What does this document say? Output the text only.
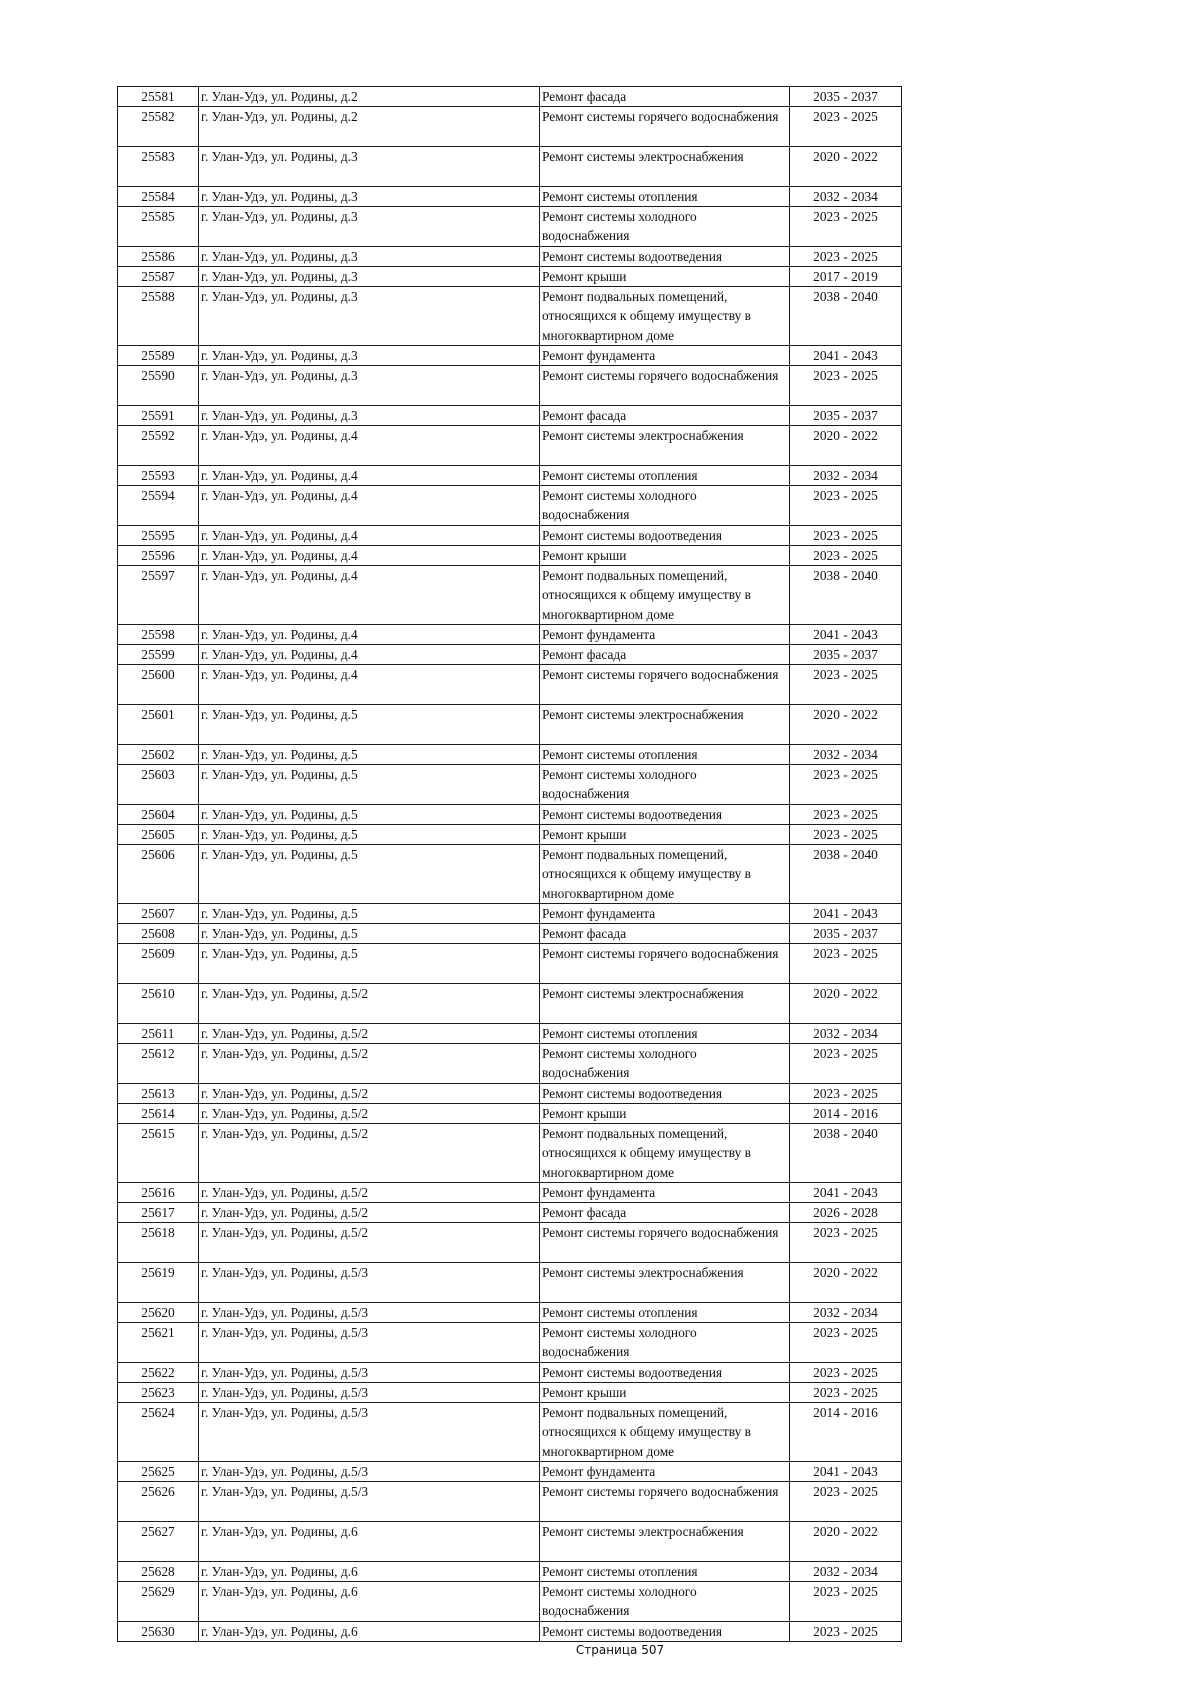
25581	г. Улан-Удэ, ул. Родины, д.2	Ремонт фасада	2035 - 2037

25582	г. Улан-Удэ, ул. Родины, д.2	Ремонт системы горячего водоснабжения	2023 - 2025

25583	г. Улан-Удэ, ул. Родины, д.3	Ремонт системы электроснабжения	2020 - 2022

25584	г. Улан-Удэ, ул. Родины, д.3	Ремонт системы отопления	2032 - 2034

25585	г. Улан-Удэ, ул. Родины, д.3	Ремонт системы холодного водоснабжения	2023 - 2025

25586	г. Улан-Удэ, ул. Родины, д.3	Ремонт системы водоотведения	2023 - 2025

25587	г. Улан-Удэ, ул. Родины, д.3	Ремонт крыши	2017 - 2019

25588	г. Улан-Удэ, ул. Родины, д.3	Ремонт подвальных помещений, относящихся к общему имуществу в многоквартирном доме	2038 - 2040

25589	г. Улан-Удэ, ул. Родины, д.3	Ремонт фундамента	2041 - 2043

25590	г. Улан-Удэ, ул. Родины, д.3	Ремонт системы горячего водоснабжения	2023 - 2025

25591	г. Улан-Удэ, ул. Родины, д.3	Ремонт фасада	2035 - 2037

25592	г. Улан-Удэ, ул. Родины, д.4	Ремонт системы электроснабжения	2020 - 2022

25593	г. Улан-Удэ, ул. Родины, д.4	Ремонт системы отопления	2032 - 2034

25594	г. Улан-Удэ, ул. Родины, д.4	Ремонт системы холодного водоснабжения	2023 - 2025

25595	г. Улан-Удэ, ул. Родины, д.4	Ремонт системы водоотведения	2023 - 2025

25596	г. Улан-Удэ, ул. Родины, д.4	Ремонт крыши	2023 - 2025

25597	г. Улан-Удэ, ул. Родины, д.4	Ремонт подвальных помещений, относящихся к общему имуществу в многоквартирном доме	2038 - 2040

25598	г. Улан-Удэ, ул. Родины, д.4	Ремонт фундамента	2041 - 2043

25599	г. Улан-Удэ, ул. Родины, д.4	Ремонт фасада	2035 - 2037

25600	г. Улан-Удэ, ул. Родины, д.4	Ремонт системы горячего водоснабжения	2023 - 2025

25601	г. Улан-Удэ, ул. Родины, д.5	Ремонт системы электроснабжения	2020 - 2022

25602	г. Улан-Удэ, ул. Родины, д.5	Ремонт системы отопления	2032 - 2034

25603	г. Улан-Удэ, ул. Родины, д.5	Ремонт системы холодного водоснабжения	2023 - 2025

25604	г. Улан-Удэ, ул. Родины, д.5	Ремонт системы водоотведения	2023 - 2025

25605	г. Улан-Удэ, ул. Родины, д.5	Ремонт крыши	2023 - 2025

25606	г. Улан-Удэ, ул. Родины, д.5	Ремонт подвальных помещений, относящихся к общему имуществу в многоквартирном доме	2038 - 2040

25607	г. Улан-Удэ, ул. Родины, д.5	Ремонт фундамента	2041 - 2043

25608	г. Улан-Удэ, ул. Родины, д.5	Ремонт фасада	2035 - 2037

25609	г. Улан-Удэ, ул. Родины, д.5	Ремонт системы горячего водоснабжения	2023 - 2025

25610	г. Улан-Удэ, ул. Родины, д.5/2	Ремонт системы электроснабжения	2020 - 2022

25611	г. Улан-Удэ, ул. Родины, д.5/2	Ремонт системы отопления	2032 - 2034

25612	г. Улан-Удэ, ул. Родины, д.5/2	Ремонт системы холодного водоснабжения	2023 - 2025

25613	г. Улан-Удэ, ул. Родины, д.5/2	Ремонт системы водоотведения	2023 - 2025

25614	г. Улан-Удэ, ул. Родины, д.5/2	Ремонт крыши	2014 - 2016

25615	г. Улан-Удэ, ул. Родины, д.5/2	Ремонт подвальных помещений, относящихся к общему имуществу в многоквартирном доме	2038 - 2040

25616	г. Улан-Удэ, ул. Родины, д.5/2	Ремонт фундамента	2041 - 2043

25617	г. Улан-Удэ, ул. Родины, д.5/2	Ремонт фасада	2026 - 2028

25618	г. Улан-Удэ, ул. Родины, д.5/2	Ремонт системы горячего водоснабжения	2023 - 2025

25619	г. Улан-Удэ, ул. Родины, д.5/3	Ремонт системы электроснабжения	2020 - 2022

25620	г. Улан-Удэ, ул. Родины, д.5/3	Ремонт системы отопления	2032 - 2034

25621	г. Улан-Удэ, ул. Родины, д.5/3	Ремонт системы холодного водоснабжения	2023 - 2025

25622	г. Улан-Удэ, ул. Родины, д.5/3	Ремонт системы водоотведения	2023 - 2025

25623	г. Улан-Удэ, ул. Родины, д.5/3	Ремонт крыши	2023 - 2025

25624	г. Улан-Удэ, ул. Родины, д.5/3	Ремонт подвальных помещений, относящихся к общему имуществу в многоквартирном доме	2014 - 2016

25625	г. Улан-Удэ, ул. Родины, д.5/3	Ремонт фундамента	2041 - 2043

25626	г. Улан-Удэ, ул. Родины, д.5/3	Ремонт системы горячего водоснабжения	2023 - 2025

25627	г. Улан-Удэ, ул. Родины, д.6	Ремонт системы электроснабжения	2020 - 2022

25628	г. Улан-Удэ, ул. Родины, д.6	Ремонт системы отопления	2032 - 2034

25629	г. Улан-Удэ, ул. Родины, д.6	Ремонт системы холодного водоснабжения	2023 - 2025

25630	г. Улан-Удэ, ул. Родины, д.6	Ремонт системы водоотведения	2023 - 2025
Страница 507
